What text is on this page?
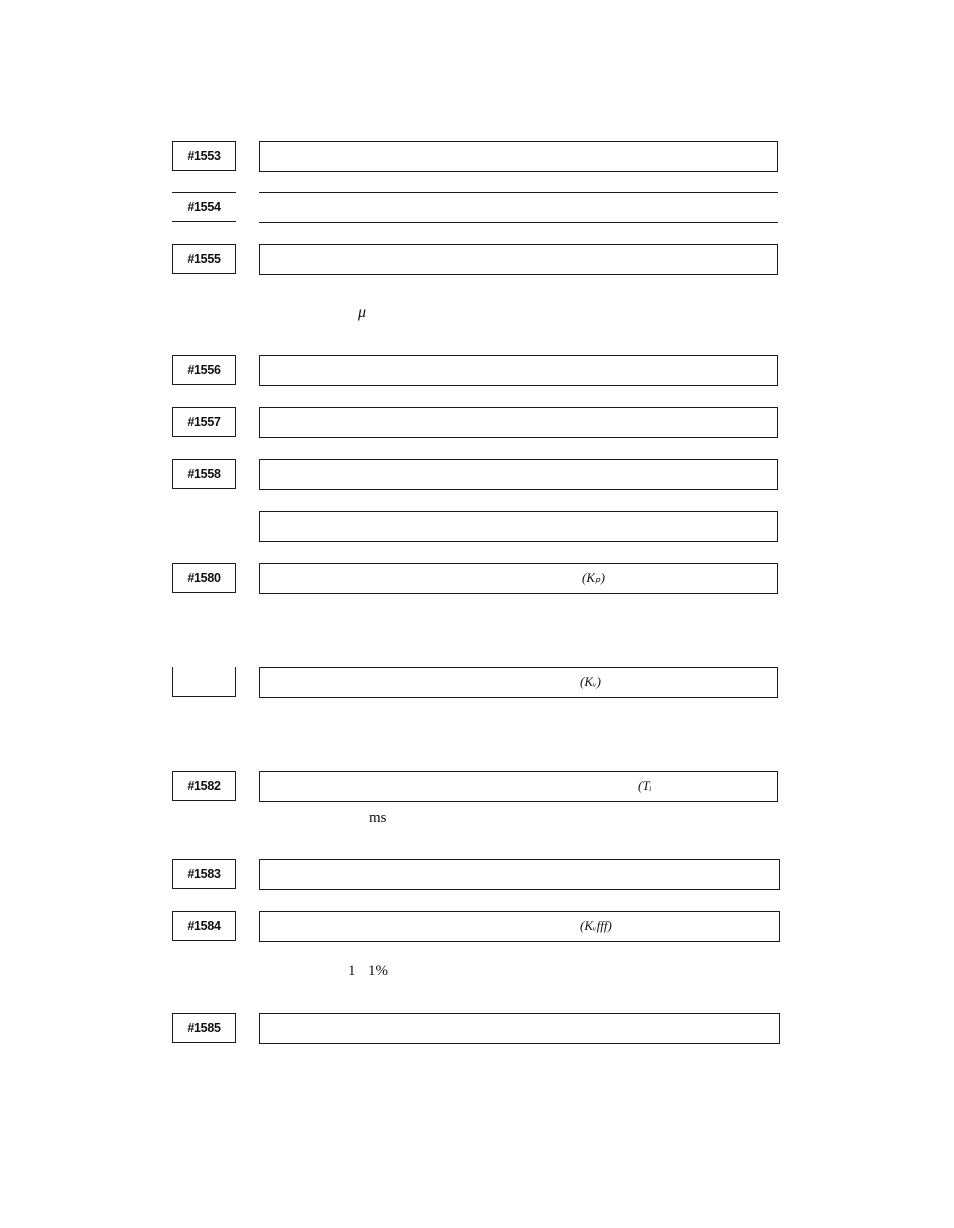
#1553
#1554
#1555
#1556
#1557
#1558
#1580
#1582
#1583
#1584
#1585
(Kₚ)
(Kᵥ)
(Tᵢ
(Kᵥfff)
μ
ms
1 1%
